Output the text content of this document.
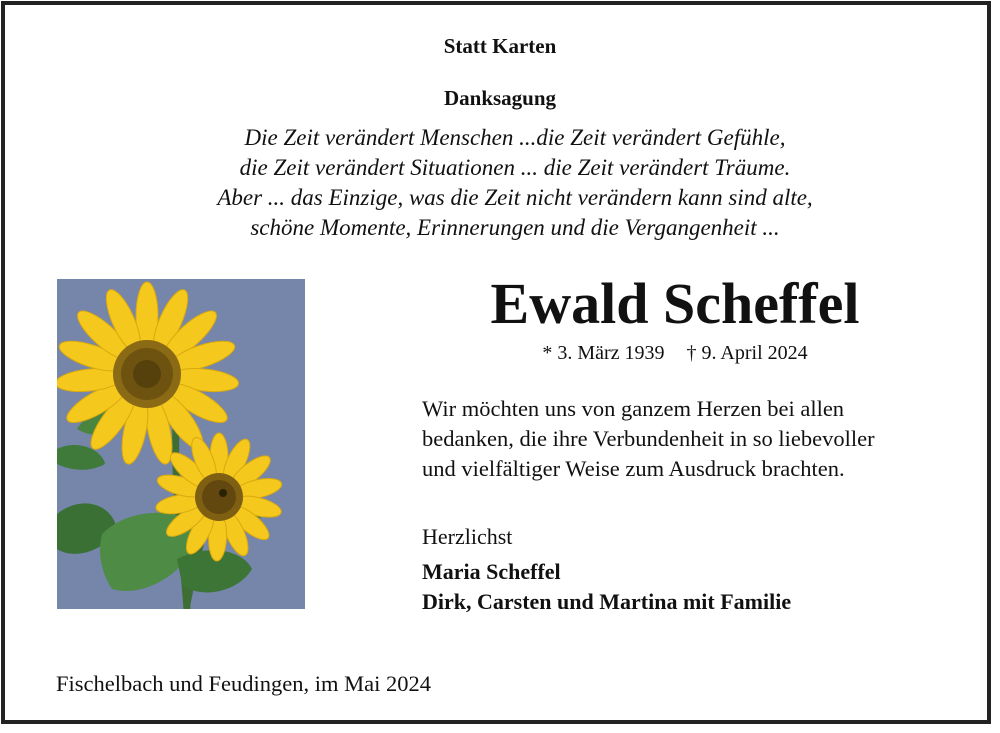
Statt Karten
Danksagung
Die Zeit verändert Menschen ...die Zeit verändert Gefühle,
die Zeit verändert Situationen ... die Zeit verändert Träume.
Aber ... das Einzige, was die Zeit nicht verändern kann sind alte,
schöne Momente, Erinnerungen und die Vergangenheit ...
Ewald Scheffel
* 3. März 1939 † 9. April 2024
Wir möchten uns von ganzem Herzen bei allen
bedanken, die ihre Verbundenheit in so liebevoller
und vielfältiger Weise zum Ausdruck brachten.
Herzlichst
Maria Scheffel
Dirk, Carsten und Martina mit Familie
Fischelbach und Feudingen, im Mai 2024
